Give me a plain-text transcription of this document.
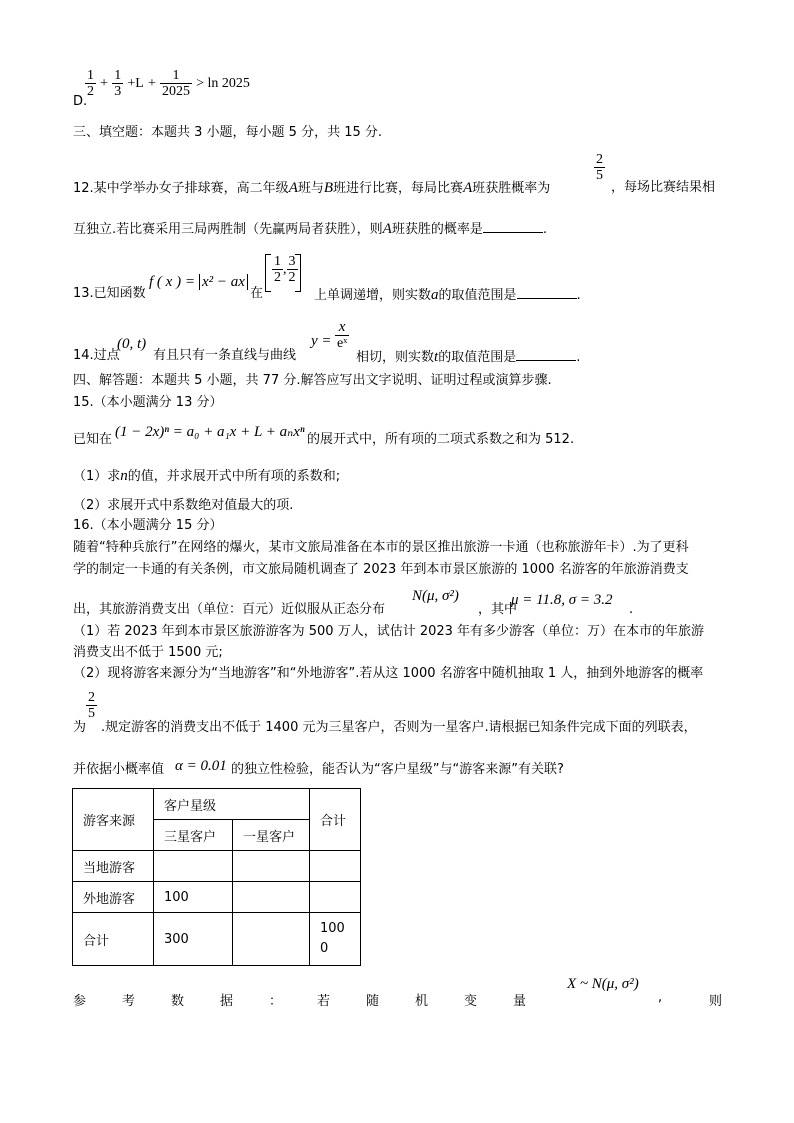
D.
$\frac{1}{2} + \frac{1}{3} +L + \frac{1}{2025} > \ln 2025$
三、填空题：本题共 3 小题，每小题 5 分，共 15 分.
12.某中学举办女子排球赛，高二年级A班与B班进行比赛，每局比赛A班获胜概率为
$\frac{2}{5}$
，每场比赛结果相
互独立.若比赛采用三局两胜制（先赢两局者获胜），则A班获胜的概率是	.
13.已知函数
f ( x ) = x² − ax
在
$\frac{1}{2}$ , $\frac{3}{2}$
上单调递增，则实数a的取值范围是	.
14.过点
(0, t)
有且只有一条直线与曲线
$y = \frac{x}{\text{eˣ}}$
相切，则实数t的取值范围是	.
四、解答题：本题共 5 小题，共 77 分.解答应写出文字说明、证明过程或演算步骤.
15.（本小题满分 13 分）
已知在 (1 − 2x)ⁿ = a₀ + a₁x + L + aₙxⁿ 的展开式中，所有项的二项式系数之和为 512.
（1）求n的值，并求展开式中所有项的系数和;
（2）求展开式中系数绝对值最大的项.
16.（本小题满分 15 分）
随着“特种兵旅行”在网络的爆火，某市文旅局准备在本市的景区推出旅游一卡通（也称旅游年卡）.为了更科
学的制定一卡通的有关条例，市文旅局随机调查了 2023 年到本市景区旅游的 1000 名游客的年旅游消费支
出，其旅游消费支出（单位：百元）近似服从正态分布
N(μ, σ²)
，其中
μ = 11.8, σ = 3.2
.
（1）若 2023 年到本市景区旅游游客为 500 万人，试估计 2023 年有多少游客（单位：万）在本市的年旅游
消费支出不低于 1500 元;
（2）现将游客来源分为“当地游客”和“外地游客”.若从这 1000 名游客中随机抽取 1 人，抽到外地游客的概率
为
$\frac{2}{5}$
.规定游客的消费支出不低于 1400 元为三星客户，否则为一星客户.请根据已知条件完成下面的列联表，
并依据小概率值 α = 0.01 的独立性检验，能否认为“客户星级”与“游客来源”有关联?
游客来源	客户星级		合计
	三星客户	一星客户	
当地游客			
外地游客	100		
合计	300		1000
参	考	数	据	：	若	随	机	变	量
X ~ N(μ, σ²)
,	则
